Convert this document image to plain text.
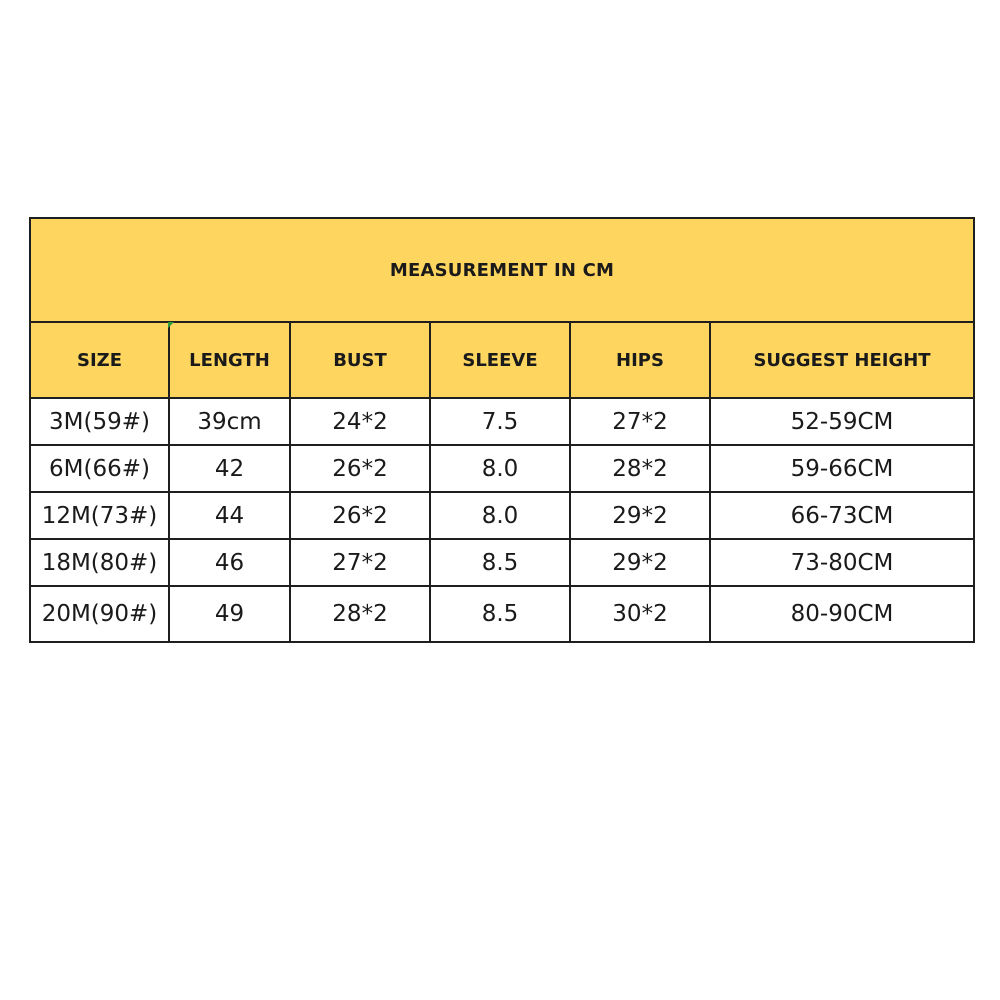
MEASUREMENT IN CM					
SIZE	LENGTH	BUST	SLEEVE	HIPS	SUGGEST HEIGHT
3M(59#)	39cm	24*2	7.5	27*2	52-59CM
6M(66#)	42	26*2	8.0	28*2	59-66CM
12M(73#)	44	26*2	8.0	29*2	66-73CM
18M(80#)	46	27*2	8.5	29*2	73-80CM
20M(90#)	49	28*2	8.5	30*2	80-90CM
